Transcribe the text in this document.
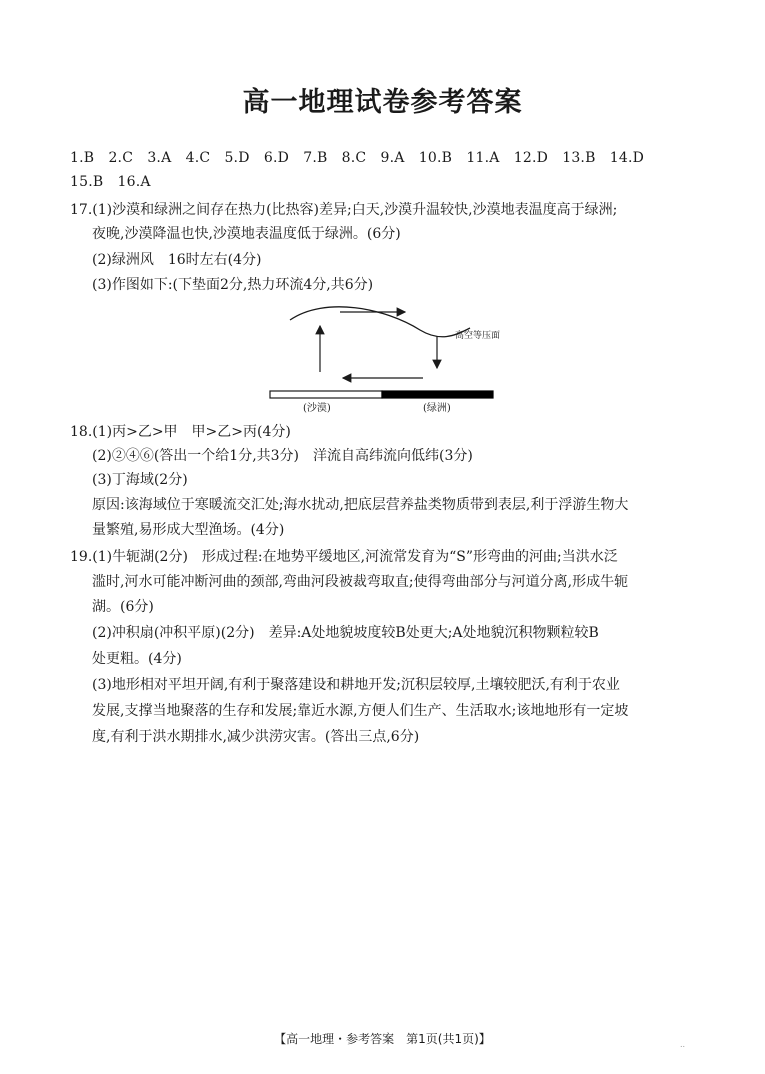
高一地理试卷参考答案
1.B　2.C　3.A　4.C　5.D　6.D　7.B　8.C　9.A　10.B　11.A　12.D　13.B　14.D
15.B　16.A
17.(1)沙漠和绿洲之间存在热力(比热容)差异;白天,沙漠升温较快,沙漠地表温度高于绿洲;
夜晚,沙漠降温也快,沙漠地表温度低于绿洲。(6分)
(2)绿洲风　16时左右(4分)
(3)作图如下:(下垫面2分,热力环流4分,共6分)
高空等压面
(沙漠)	(绿洲)
18.(1)丙>乙>甲　甲>乙>丙(4分)
(2)②④⑥(答出一个给1分,共3分)　洋流自高纬流向低纬(3分)
(3)丁海域(2分)
原因:该海域位于寒暖流交汇处;海水扰动,把底层营养盐类物质带到表层,利于浮游生物大
量繁殖,易形成大型渔场。(4分)
19.(1)牛轭湖(2分)　形成过程:在地势平缓地区,河流常发育为“S”形弯曲的河曲;当洪水泛
滥时,河水可能冲断河曲的颈部,弯曲河段被裁弯取直;使得弯曲部分与河道分离,形成牛轭
湖。(6分)
(2)冲积扇(冲积平原)(2分)　差异:A处地貌坡度较B处更大;A处地貌沉积物颗粒较B
处更粗。(4分)
(3)地形相对平坦开阔,有利于聚落建设和耕地开发;沉积层较厚,土壤较肥沃,有利于农业
发展,支撑当地聚落的生存和发展;靠近水源,方便人们生产、生活取水;该地地形有一定坡
度,有利于洪水期排水,减少洪涝灾害。(答出三点,6分)
【高一地理・参考答案　第1页(共1页)】	..
